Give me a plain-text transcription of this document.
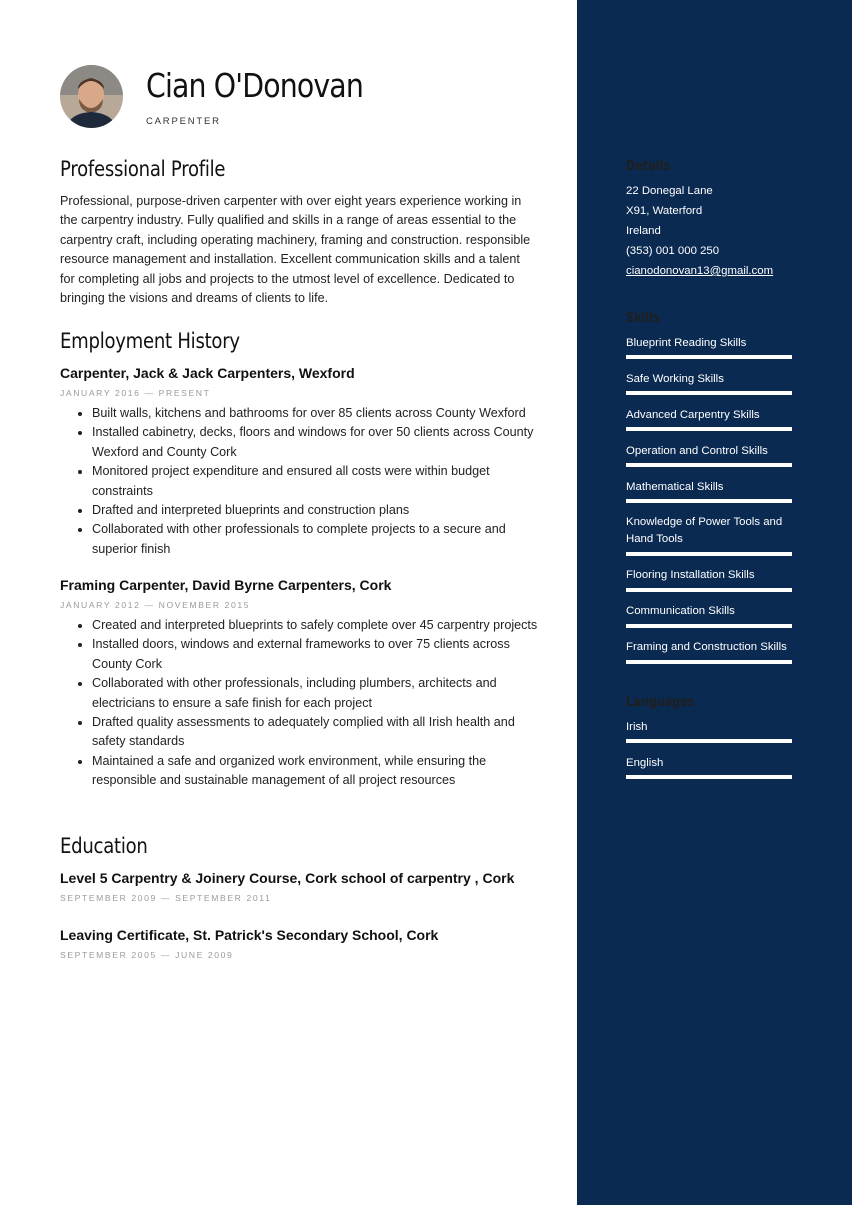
Cian O'Donovan
CARPENTER
Professional Profile
Professional, purpose-driven carpenter with over eight years experience working in the carpentry industry. Fully qualified and skills in a range of areas essential to the carpentry craft, including operating machinery, framing and construction. responsible resource management and installation. Excellent communication skills and a talent for completing all jobs and projects to the utmost level of excellence. Dedicated to bringing the visions and dreams of clients to life.
Employment History
Carpenter, Jack & Jack Carpenters, Wexford
JANUARY 2016 — PRESENT
• Built walls, kitchens and bathrooms for over 85 clients across County Wexford
• Installed cabinetry, decks, floors and windows for over 50 clients across County Wexford and County Cork
• Monitored project expenditure and ensured all costs were within budget constraints
• Drafted and interpreted blueprints and construction plans
• Collaborated with other professionals to complete projects to a secure and superior finish
Framing Carpenter, David Byrne Carpenters, Cork
JANUARY 2012 — NOVEMBER 2015
• Created and interpreted blueprints to safely complete over 45 carpentry projects
• Installed doors, windows and external frameworks to over 75 clients across County Cork
• Collaborated with other professionals, including plumbers, architects and electricians to ensure a safe finish for each project
• Drafted quality assessments to adequately complied with all Irish health and safety standards
• Maintained a safe and organized work environment, while ensuring the responsible and sustainable management of all project resources
Education
Level 5 Carpentry & Joinery Course, Cork school of carpentry , Cork
SEPTEMBER 2009 — SEPTEMBER 2011
Leaving Certificate, St. Patrick's Secondary School, Cork
SEPTEMBER 2005 — JUNE 2009
Details
22 Donegal Lane
X91, Waterford
Ireland
(353) 001 000 250
cianodonovan13@gmail.com
Skills
Blueprint Reading Skills
Safe Working Skills
Advanced Carpentry Skills
Operation and Control Skills
Mathematical Skills
Knowledge of Power Tools and Hand Tools
Flooring Installation Skills
Communication Skills
Framing and Construction Skills
Languages
Irish
English
